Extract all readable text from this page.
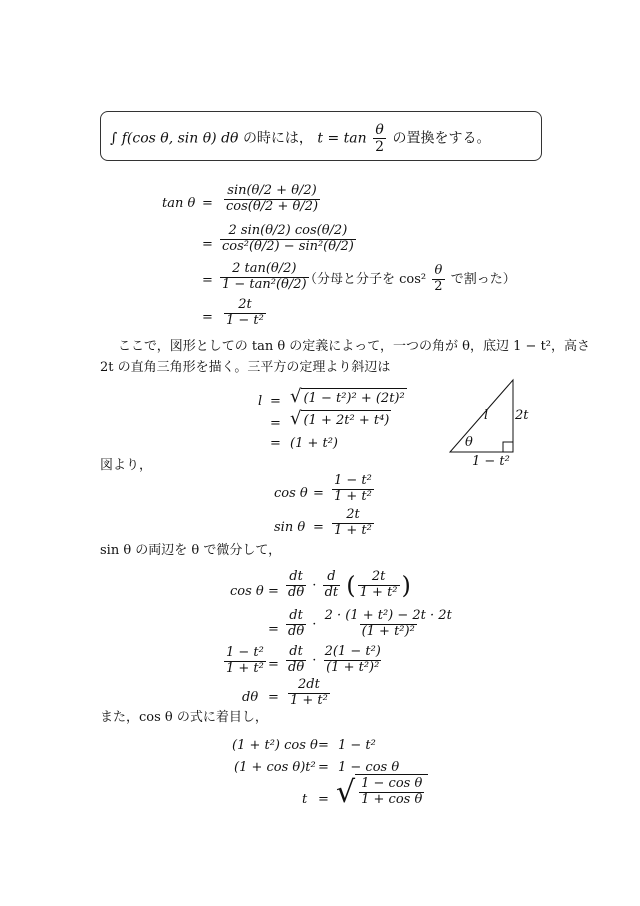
∫ f(cos θ, sin θ) dθ の時には， $t = \tan \frac{\theta}{2}$ の置換をする。
$\tan \theta = \frac{\sin(\theta/2 + \theta/2)}{\cos(\theta/2 + \theta/2)}$
= $\frac{2 \sin(\theta/2) \cos(\theta/2)}{\text{cos²(θ/2) − sin²(θ/2)}}$
= $\frac{2 \tan(\theta/2)}{\text{1 − tan²(θ/2)}}$
（分母と分子を $\cos^2 \frac{\theta}{2}$ で割った）
= $\frac{2t}{\text{1 − t²}}$
ここで，図形としての tan θ の定義によって，一つの角が θ，底辺 1 − t²，高さ
2t の直角三角形を描く。三平方の定理より斜辺は
l = √ (1 − t²)² + (2t)²
= √ (1 + 2t² + t⁴)
= (1 + t²)
l 2t
θ
1 − t²
図より，
$\cos \theta = \frac{\text{1 − t²}}{\text{1 + t²}}$
$\sin \theta = \frac{2t}{\text{1 + t²}}$
sin θ の両辺を θ で微分して，
$\cos \theta = \frac{dt}{d\theta} \cdot \frac{d}{dt}$ ( $\frac{2t}{\text{1 + t²}}$ )
= $\frac{dt}{d\theta} \cdot \frac{\text{2 · (1 + t²) − 2t · 2t}}{\text{(1 + t²)²}}$
$\frac{\text{1 − t²}}{\text{1 + t²}} = \frac{dt}{d\theta} \cdot \frac{\text{2(1 − t²)}}{\text{(1 + t²)²}}$
$d\theta = \frac{2dt}{\text{1 + t²}}$
また，cos θ の式に着目し，
(1 + t²) cos θ = 1 − t²
(1 + cos θ)t² = 1 − cos θ
t = √ $\frac{\text{1 − cos θ}}{\text{1 + cos θ}}$
